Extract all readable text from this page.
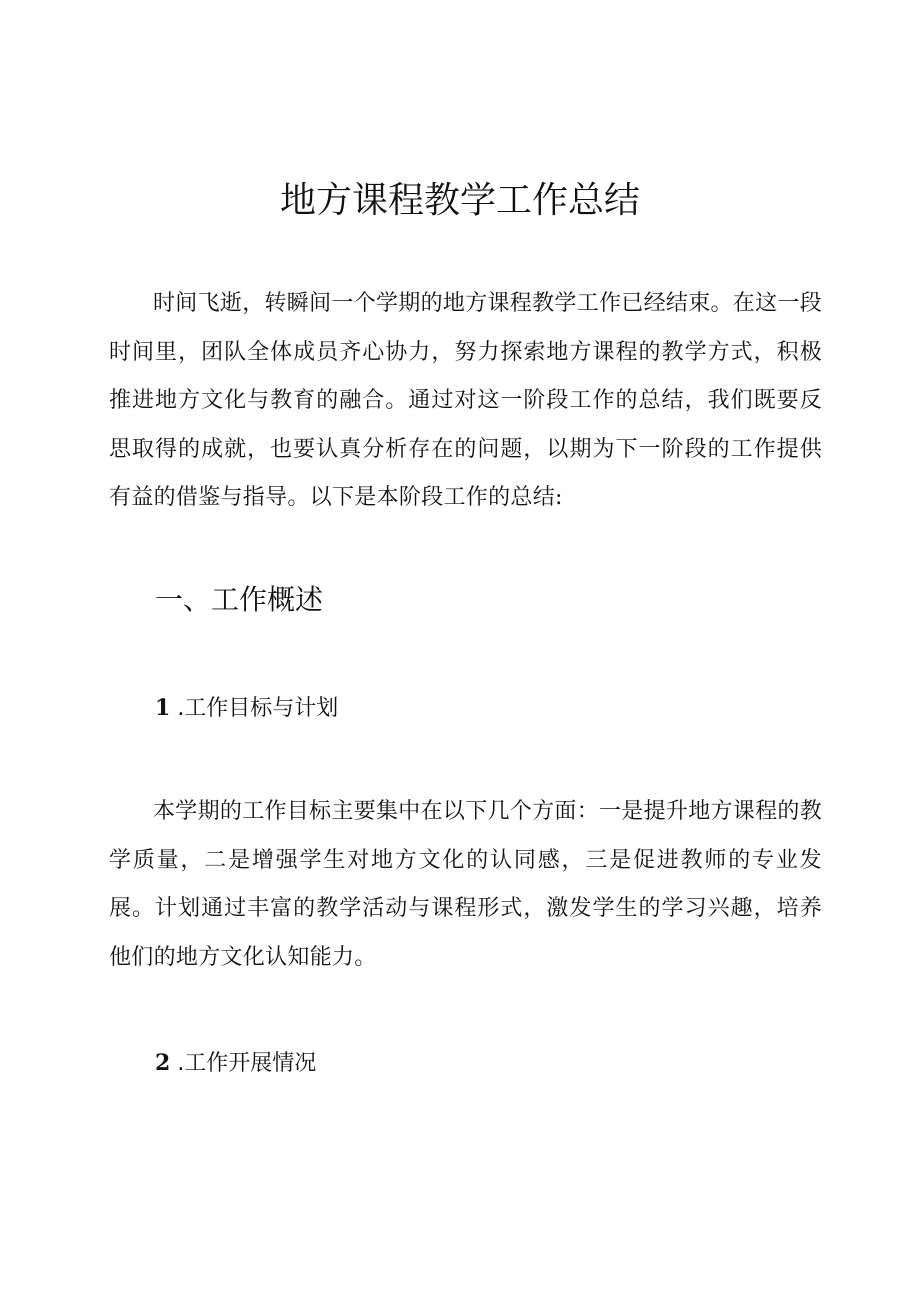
地方课程教学工作总结

时间飞逝，转瞬间一个学期的地方课程教学工作已经结束。在这一段时间里，团队全体成员齐心协力，努力探索地方课程的教学方式，积极推进地方文化与教育的融合。通过对这一阶段工作的总结，我们既要反思取得的成就，也要认真分析存在的问题，以期为下一阶段的工作提供有益的借鉴与指导。以下是本阶段工作的总结:

一、工作概述
1 .工作目标与计划

本学期的工作目标主要集中在以下几个方面：一是提升地方课程的教学质量，二是增强学生对地方文化的认同感，三是促进教师的专业发展。计划通过丰富的教学活动与课程形式，激发学生的学习兴趣，培养他们的地方文化认知能力。

2 .工作开展情况
